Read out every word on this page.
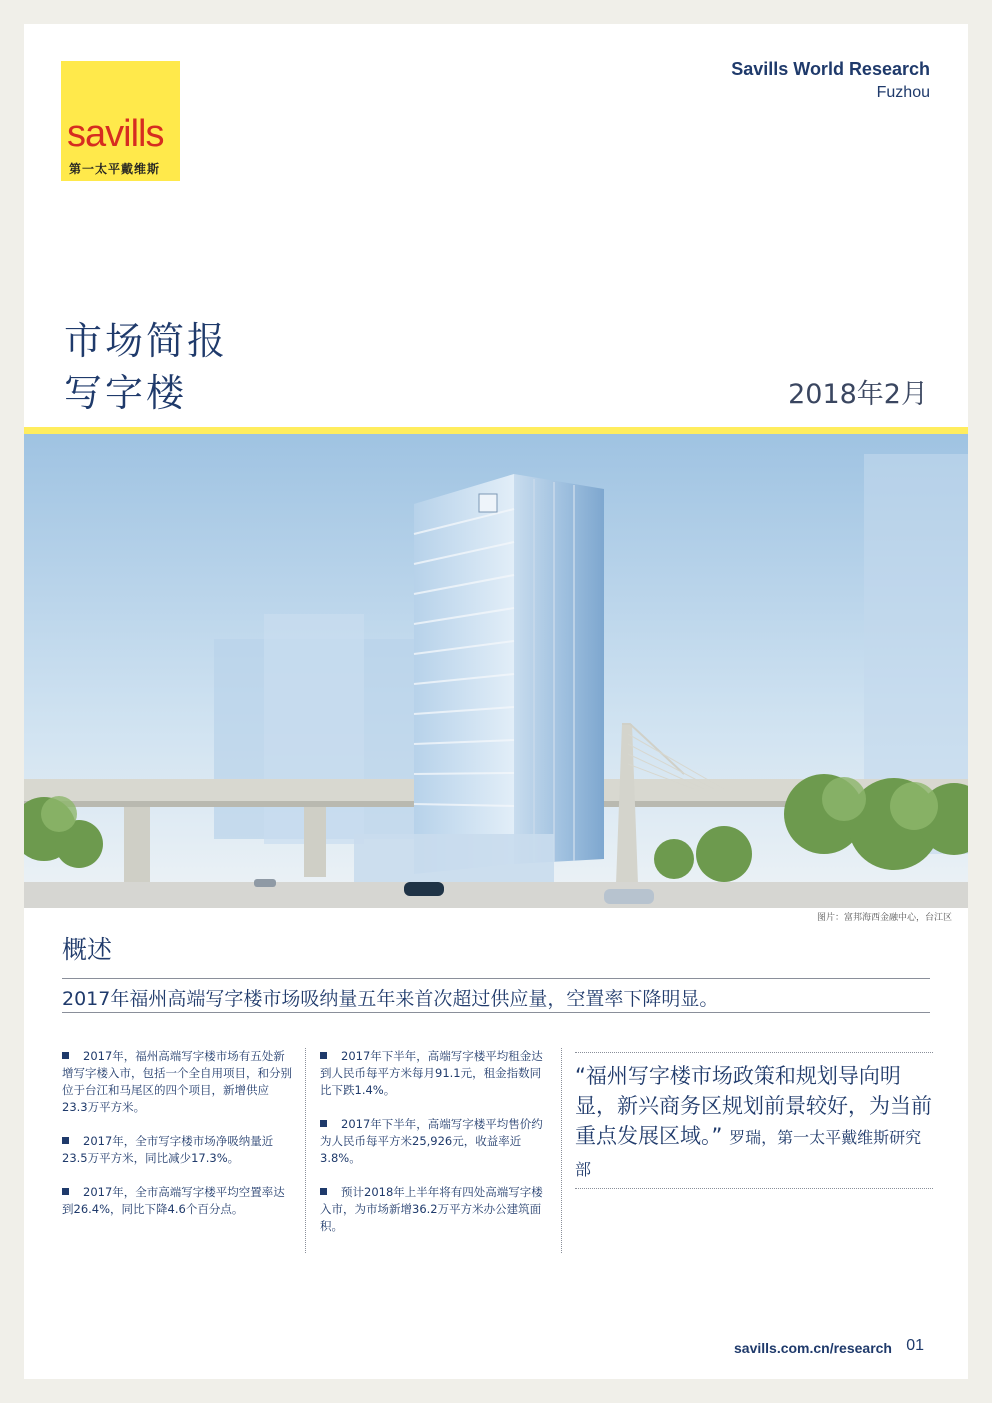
savills
第一太平戴维斯
Savills World Research
Fuzhou
市场简报
写字楼	2018年2月
图片：富邦海西金融中心，台江区
概述
2017年福州高端写字楼市场吸纳量五年来首次超过供应量，空置率下降明显。
2017年，福州高端写字楼市场有五处新增写字楼入市，包括一个全自用项目，和分别位于台江和马尾区的四个项目，新增供应23.3万平方米。
2017年，全市写字楼市场净吸纳量近23.5万平方米，同比减少17.3%。
2017年，全市高端写字楼平均空置率达到26.4%，同比下降4.6个百分点。
2017年下半年，高端写字楼平均租金达到人民币每平方米每月91.1元，租金指数同比下跌1.4%。
2017年下半年，高端写字楼平均售价约为人民币每平方米25,926元，收益率近3.8%。
预计2018年上半年将有四处高端写字楼入市，为市场新增36.2万平方米办公建筑面积。
“福州写字楼市场政策和规划导向明显，新兴商务区规划前景较好，为当前重点发展区域。” 罗瑞，第一太平戴维斯研究部
savills.com.cn/research 01
